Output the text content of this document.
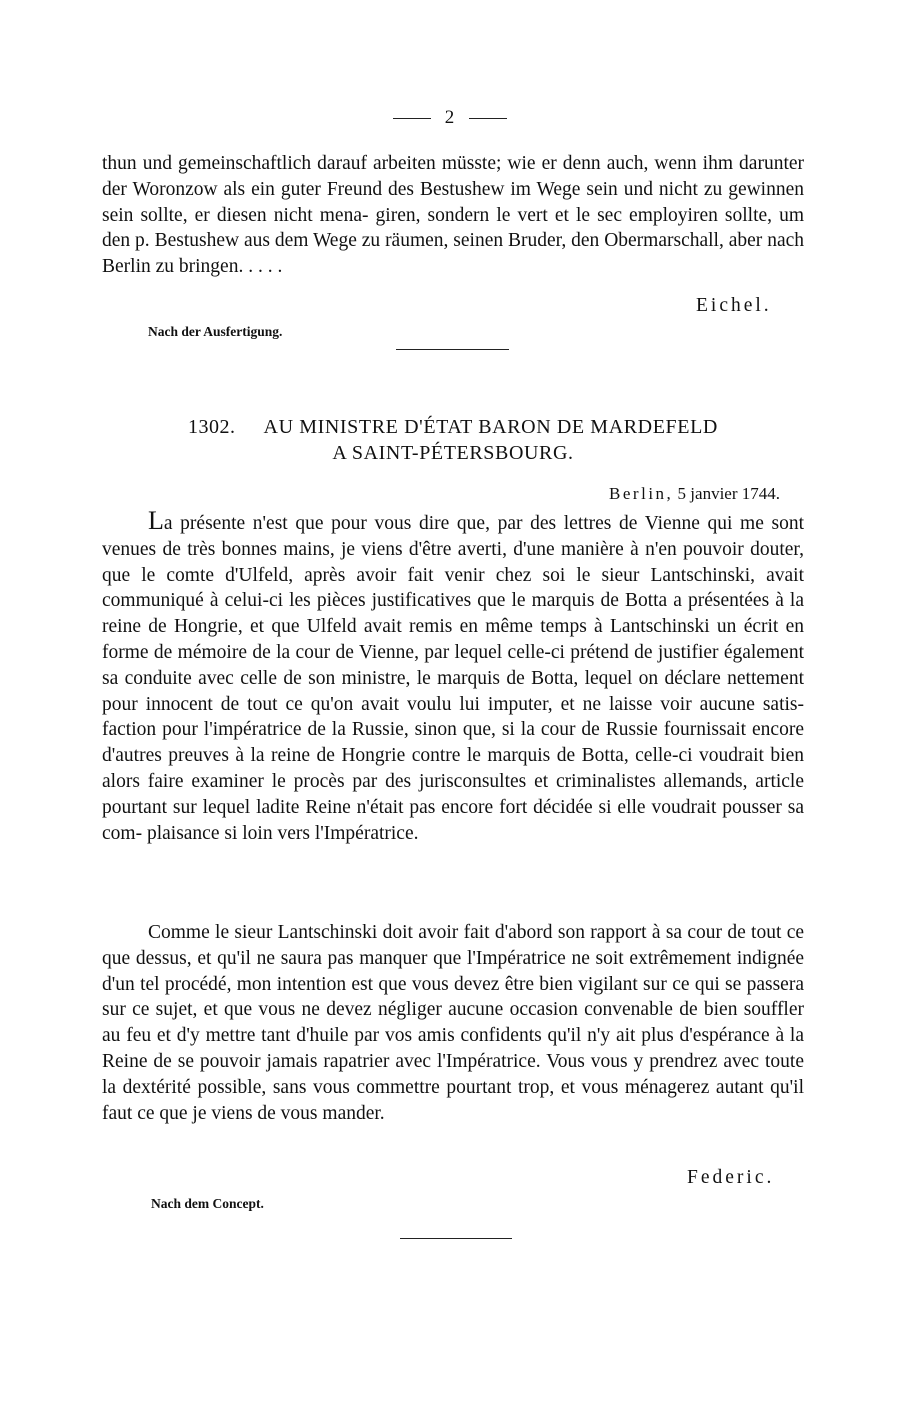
2

thun und gemeinschaftlich darauf arbeiten müsste; wie er denn auch, wenn ihm darunter der Woronzow als ein guter Freund des Bestushew im Wege sein und nicht zu gewinnen sein sollte, er diesen nicht mena- giren, sondern le vert et le sec employiren sollte, um den p. Bestushew aus dem Wege zu räumen, seinen Bruder, den Obermarschall, aber nach Berlin zu bringen. . . . .

Eichel.
Nach der Ausfertigung.
1302. AU MINISTRE D'ÉTAT BARON DE MARDEFELD
A SAINT-PÉTERSBOURG.
Berlin, 5 janvier 1744.

La présente n'est que pour vous dire que, par des lettres de Vienne qui me sont venues de très bonnes mains, je viens d'être averti, d'une manière à n'en pouvoir douter, que le comte d'Ulfeld, après avoir fait venir chez soi le sieur Lantschinski, avait communiqué à celui-ci les pièces justificatives que le marquis de Botta a présentées à la reine de Hongrie, et que Ulfeld avait remis en même temps à Lantschinski un écrit en forme de mémoire de la cour de Vienne, par lequel celle-ci prétend de justifier également sa conduite avec celle de son ministre, le marquis de Botta, lequel on déclare nettement pour innocent de tout ce qu'on avait voulu lui imputer, et ne laisse voir aucune satis- faction pour l'impératrice de la Russie, sinon que, si la cour de Russie fournissait encore d'autres preuves à la reine de Hongrie contre le marquis de Botta, celle-ci voudrait bien alors faire examiner le procès par des jurisconsultes et criminalistes allemands, article pourtant sur lequel ladite Reine n'était pas encore fort décidée si elle voudrait pousser sa com- plaisance si loin vers l'Impératrice.

Comme le sieur Lantschinski doit avoir fait d'abord son rapport à sa cour de tout ce que dessus, et qu'il ne saura pas manquer que l'Impératrice ne soit extrêmement indignée d'un tel procédé, mon intention est que vous devez être bien vigilant sur ce qui se passera sur ce sujet, et que vous ne devez négliger aucune occasion convenable de bien souffler au feu et d'y mettre tant d'huile par vos amis confidents qu'il n'y ait plus d'espérance à la Reine de se pouvoir jamais rapatrier avec l'Impératrice. Vous vous y prendrez avec toute la dextérité possible, sans vous commettre pourtant trop, et vous ménagerez autant qu'il faut ce que je viens de vous mander.

Federic.
Nach dem Concept.
